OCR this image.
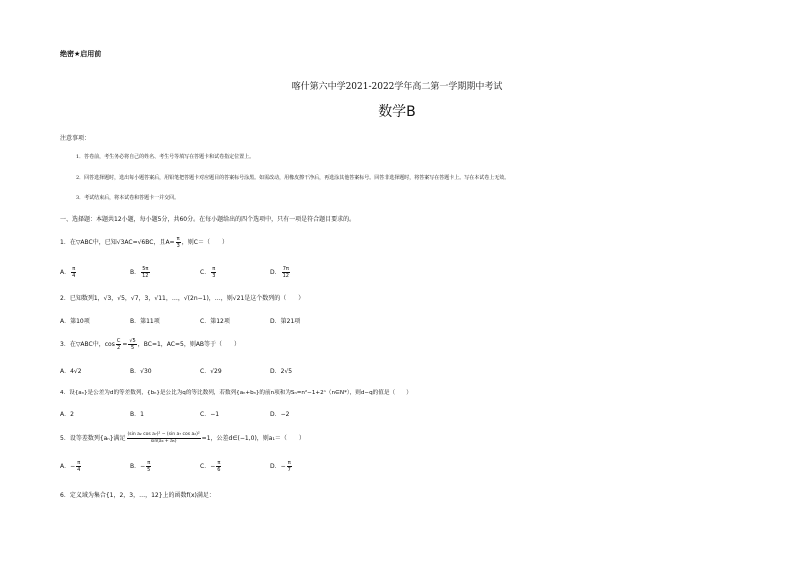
绝密★启用前
喀什第六中学2021-2022学年高二第一学期期中考试
数学B
注意事项：
1．答卷前，考生务必将自己的姓名、考生号等填写在答题卡和试卷指定位置上。
2．回答选择题时，选出每小题答案后，用铅笔把答题卡对应题目的答案标号涂黑。如需改动，用橡皮擦干净后，再选涂其他答案标号。回答非选择题时，将答案写在答题卡上。写在本试卷上无效。
3．考试结束后，将本试卷和答题卡一并交回。
一、选择题：本题共12小题，每小题5分，共60分。在每小题给出的四个选项中，只有一项是符合题目要求的。
1．在▽ABC中，已知√3AC=√6BC，且$A= \frac{\pi}{3}$ ，则C＝（　　）
A． $\frac{\pi}{4}$	B． $\frac{5\pi}{12}$	C． $\frac{\pi}{3}$	D． $\frac{7\pi}{12}$
2．已知数列1，√3，√5，√7，3，√11，…，√(2n−1)，…，则√21是这个数列的（　　）
A．第10项	B．第11项	C．第12项	D．第21项
3．在▽ABC中，$\cos \frac{C}{2} = \frac{√5}{5}$ ，BC=1，AC=5，则AB等于（　　）
A．4√2	B．√30	C．√29	D．2√5
4．设{aₙ}是公差为d的等差数列，{bₙ}是公比为q的等比数列，若数列{aₙ+bₙ}的前n项和为Sₙ=n²−1+2ⁿ（n∈N*），则d−q的值是（　　）
A．2	B．1	C．−1	D．−2
5．设等差数列{aₙ}满足 $\frac{\text{(sin a₂ cos a₇)² − (sin a₇ cos a₂)²}}{\text{sin(a₄ + a₅)}} =1$，公差d∈(−1,0)，则a₁＝（　　）
A．− $\frac{\pi}{4}$	B．− $\frac{\pi}{5}$	C．− $\frac{\pi}{6}$	D．− $\frac{\pi}{7}$
6．定义域为集合{1，2，3，…，12}上的函数f(x)满足：
